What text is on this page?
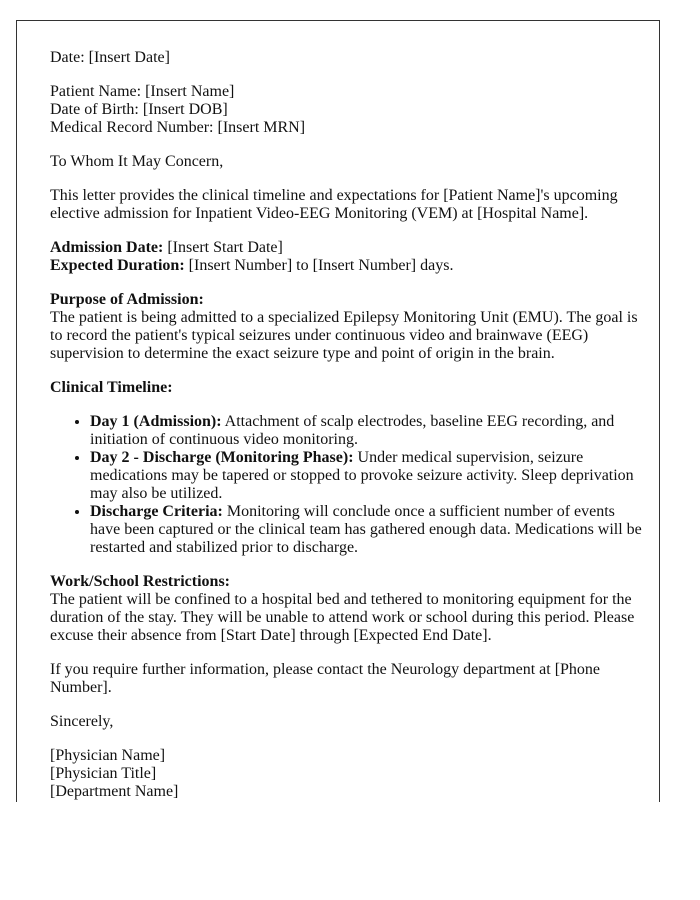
Date: [Insert Date]

Patient Name: [Insert Name]
Date of Birth: [Insert DOB]
Medical Record Number: [Insert MRN]

To Whom It May Concern,

This letter provides the clinical timeline and expectations for [Patient Name]'s upcoming elective admission for Inpatient Video-EEG Monitoring (VEM) at [Hospital Name].

Admission Date: [Insert Start Date]
Expected Duration: [Insert Number] to [Insert Number] days.

Purpose of Admission:
The patient is being admitted to a specialized Epilepsy Monitoring Unit (EMU). The goal is to record the patient's typical seizures under continuous video and brainwave (EEG) supervision to determine the exact seizure type and point of origin in the brain.

Clinical Timeline:

• Day 1 (Admission): Attachment of scalp electrodes, baseline EEG recording, and initiation of continuous video monitoring.
• Day 2 - Discharge (Monitoring Phase): Under medical supervision, seizure medications may be tapered or stopped to provoke seizure activity. Sleep deprivation may also be utilized.
• Discharge Criteria: Monitoring will conclude once a sufficient number of events have been captured or the clinical team has gathered enough data. Medications will be restarted and stabilized prior to discharge.

Work/School Restrictions:
The patient will be confined to a hospital bed and tethered to monitoring equipment for the duration of the stay. They will be unable to attend work or school during this period. Please excuse their absence from [Start Date] through [Expected End Date].

If you require further information, please contact the Neurology department at [Phone Number].

Sincerely,

[Physician Name]

[Physician Title]

[Department Name]
